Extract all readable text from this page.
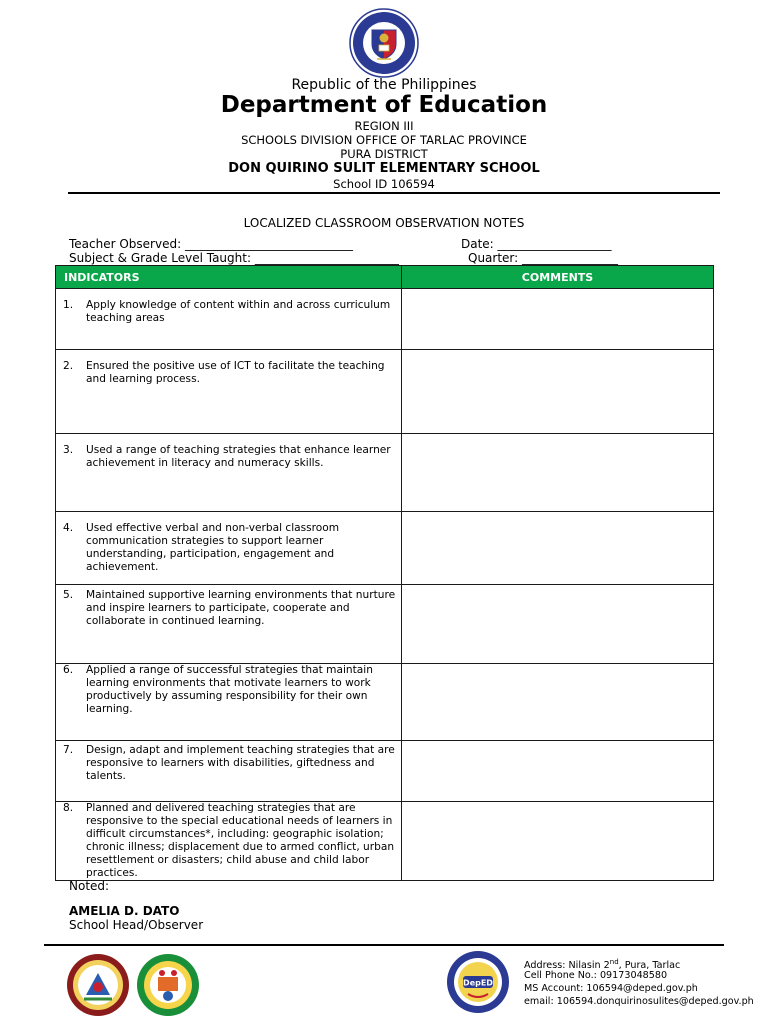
Republic of the Philippines
Department of Education
REGION III
SCHOOLS DIVISION OFFICE OF TARLAC PROVINCE
PURA DISTRICT
DON QUIRINO SULIT ELEMENTARY SCHOOL
School ID 106594
LOCALIZED CLASSROOM OBSERVATION NOTES
Teacher Observed: ____________________________	Date: ___________________
Subject & Grade Level Taught: ________________________	Quarter: ________________
INDICATORS	COMMENTS

1. Apply knowledge of content within and across curriculum teaching areas	

2. Ensured the positive use of ICT to facilitate the teaching and learning process.	

3. Used a range of teaching strategies that enhance learner achievement in literacy and numeracy skills.	

4. Used effective verbal and non-verbal classroom communication strategies to support learner understanding, participation, engagement and achievement.	

5. Maintained supportive learning environments that nurture and inspire learners to participate, cooperate and collaborate in continued learning.	

6. Applied a range of successful strategies that maintain learning environments that motivate learners to work productively by assuming responsibility for their own learning.	

7. Design, adapt and implement teaching strategies that are responsive to learners with disabilities, giftedness and talents.	

8. Planned and delivered teaching strategies that are responsive to the special educational needs of learners in difficult circumstances*, including: geographic isolation; chronic illness; displacement due to armed conflict, urban resettlement or disasters; child abuse and child labor practices.	

Noted:
AMELIA D. DATO
School Head/Observer
DepED
Address: Nilasin 2nd, Pura, Tarlac
Cell Phone No.: 09173048580
MS Account: 106594@deped.gov.ph
email: 106594.donquirinosulites@deped.gov.ph
